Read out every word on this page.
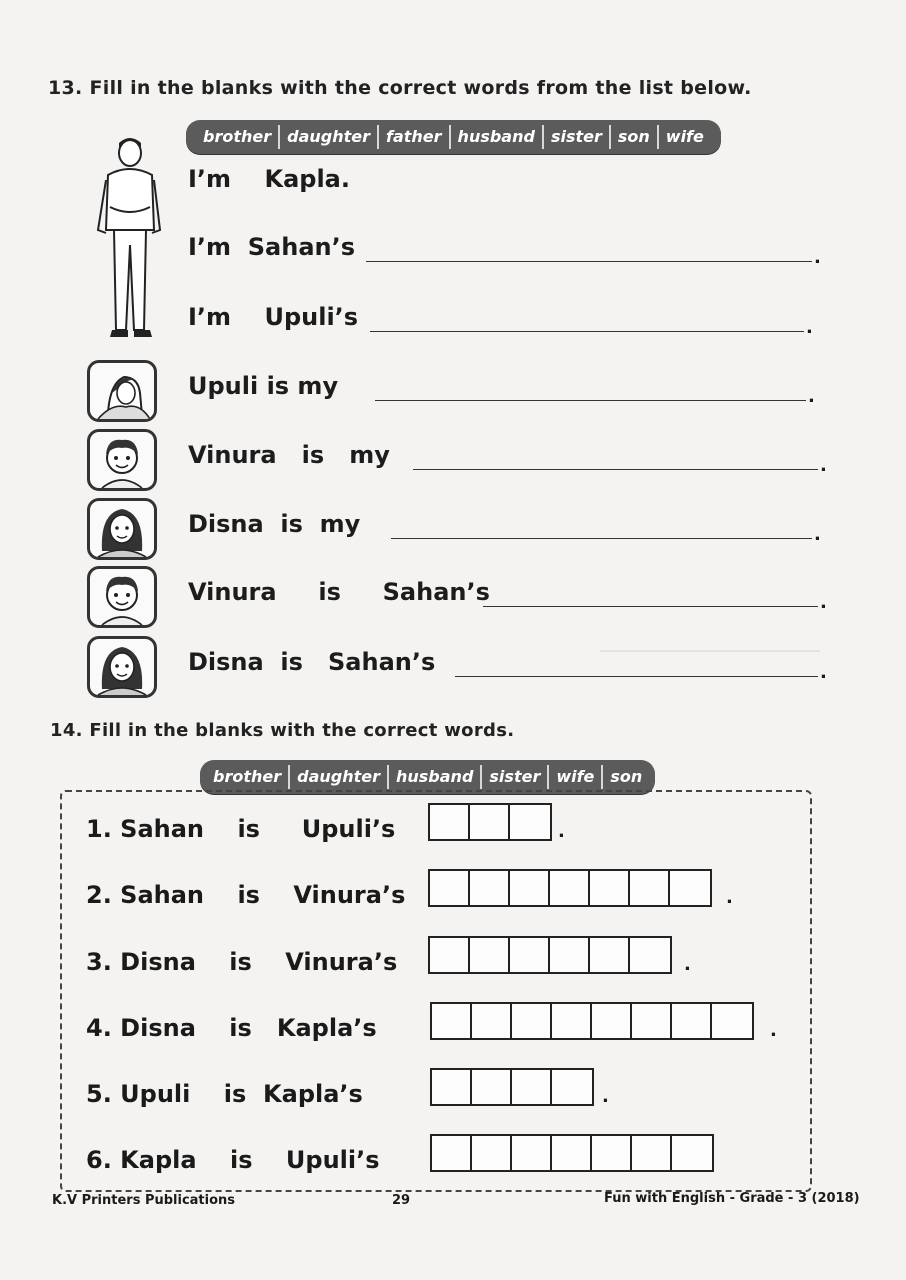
13. Fill in the blanks with the correct words from the list below.
brother	daughter	father	husband	sister	son	wife
I’m    Kapla.
I’m  Sahan’s	.
I’m    Upuli’s	.
Upuli is my	.
Vinura   is   my	.
Disna  is  my	.
Vinura     is     Sahan’s	.
Disna  is   Sahan’s	.
14. Fill in the blanks with the correct words.
brother	daughter	husband	sister	wife	son
1. Sahan    is     Upuli’s	.
2. Sahan    is    Vinura’s	.
3. Disna    is    Vinura’s	.
4. Disna    is   Kapla’s	.
5. Upuli    is  Kapla’s	.
6. Kapla    is    Upuli’s
K.V Printers Publications	29	Fun with English - Grade - 3 (2018)
